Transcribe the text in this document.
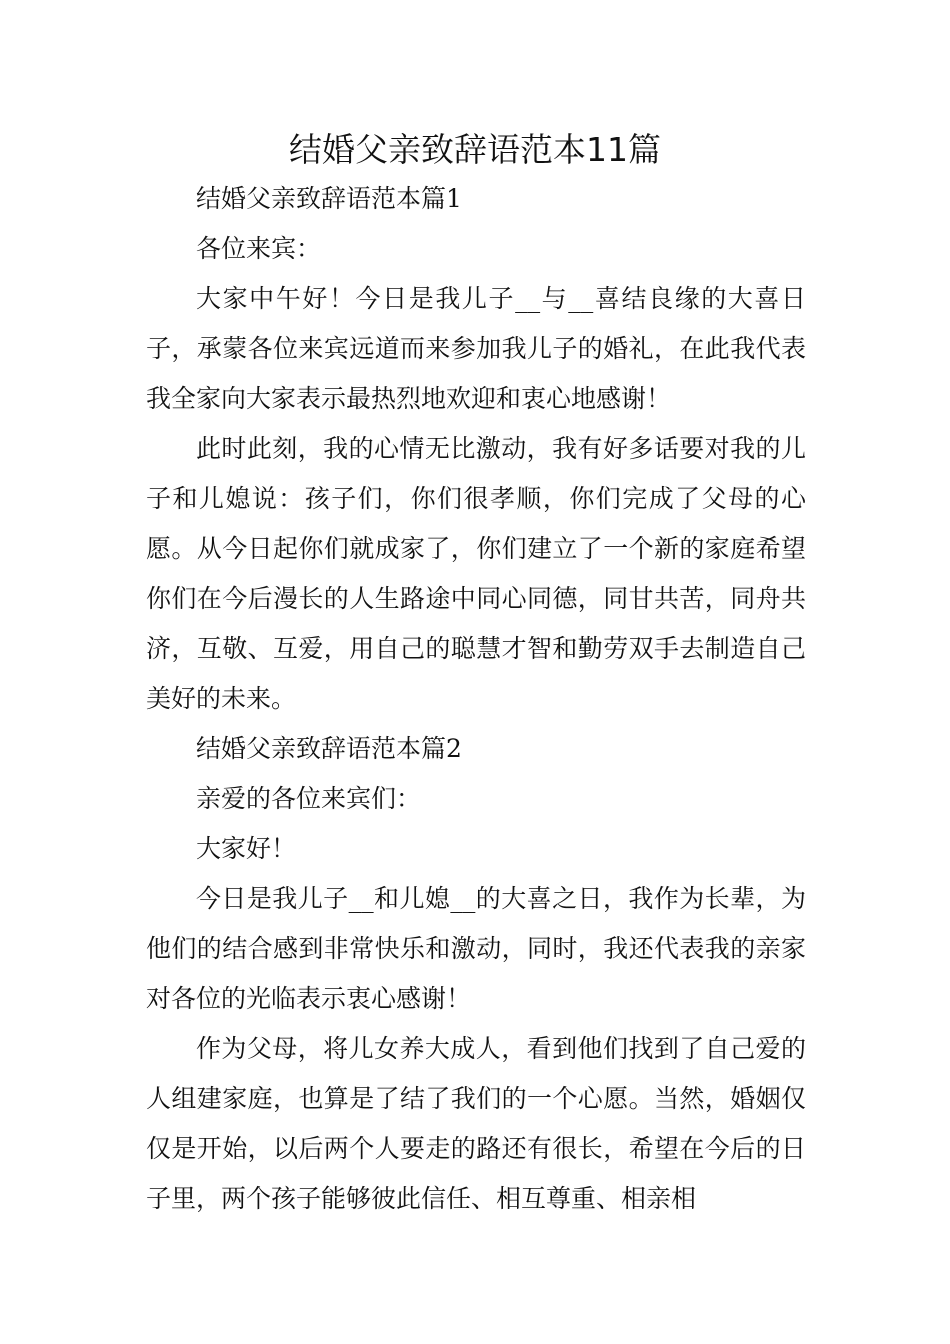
结婚父亲致辞语范本11篇

结婚父亲致辞语范本篇1

各位来宾：

大家中午好！今日是我儿子__与__喜结良缘的大喜日子，承蒙各位来宾远道而来参加我儿子的婚礼，在此我代表我全家向大家表示最热烈地欢迎和衷心地感谢！

此时此刻，我的心情无比激动，我有好多话要对我的儿子和儿媳说：孩子们，你们很孝顺，你们完成了父母的心愿。从今日起你们就成家了，你们建立了一个新的家庭希望你们在今后漫长的人生路途中同心同德，同甘共苦，同舟共济，互敬、互爱，用自己的聪慧才智和勤劳双手去制造自己美好的未来。

结婚父亲致辞语范本篇2

亲爱的各位来宾们：

大家好！

今日是我儿子__和儿媳__的大喜之日，我作为长辈，为他们的结合感到非常快乐和激动，同时，我还代表我的亲家对各位的光临表示衷心感谢！

作为父母，将儿女养大成人，看到他们找到了自己爱的人组建家庭，也算是了结了我们的一个心愿。当然，婚姻仅仅是开始，以后两个人要走的路还有很长，希望在今后的日子里，两个孩子能够彼此信任、相互尊重、相亲相
